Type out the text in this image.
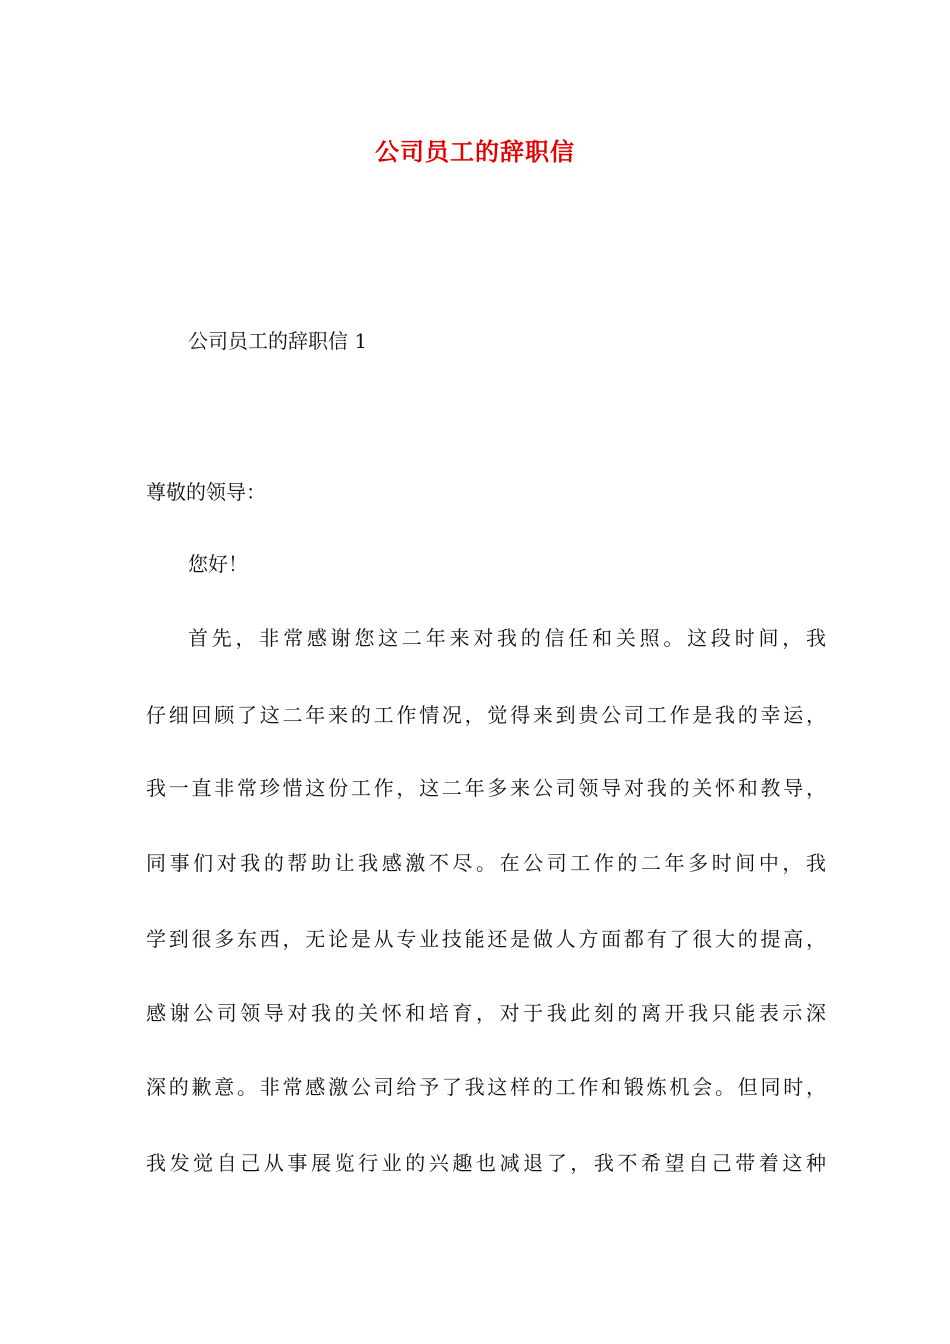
公司员工的辞职信
公司员工的辞职信 1
尊敬的领导：
您好！
首先，非常感谢您这二年来对我的信任和关照。这段时间，我
仔细回顾了这二年来的工作情况，觉得来到贵公司工作是我的幸运，
我一直非常珍惜这份工作，这二年多来公司领导对我的关怀和教导，
同事们对我的帮助让我感激不尽。在公司工作的二年多时间中，我
学到很多东西，无论是从专业技能还是做人方面都有了很大的提高，
感谢公司领导对我的关怀和培育，对于我此刻的离开我只能表示深
深的歉意。非常感激公司给予了我这样的工作和锻炼机会。但同时，
我发觉自己从事展览行业的兴趣也减退了，我不希望自己带着这种
